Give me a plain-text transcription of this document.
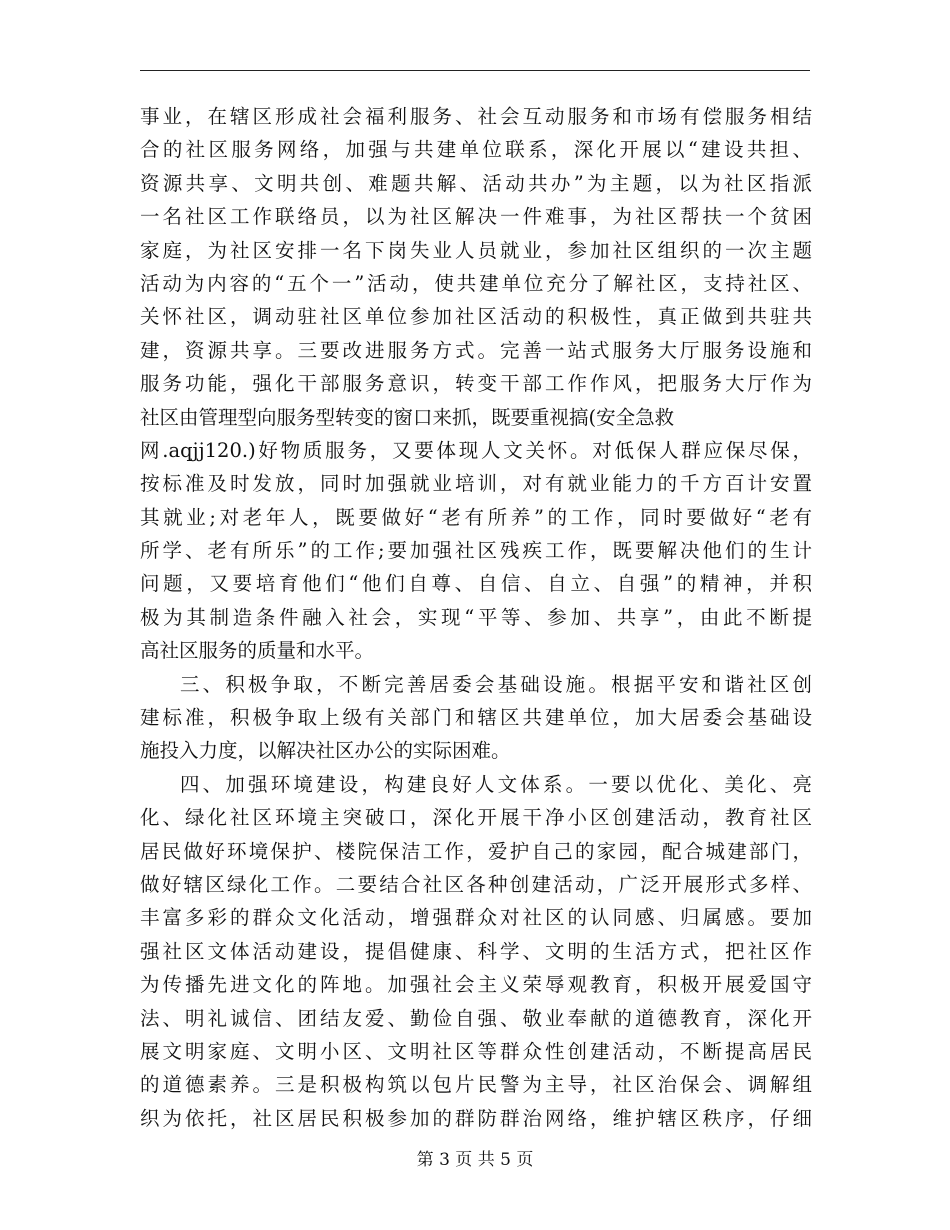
事业，在辖区形成社会福利服务、社会互动服务和市场有偿服务相结
合的社区服务网络，加强与共建单位联系，深化开展以“建设共担、
资源共享、文明共创、难题共解、活动共办”为主题，以为社区指派
一名社区工作联络员，以为社区解决一件难事，为社区帮扶一个贫困
家庭，为社区安排一名下岗失业人员就业，参加社区组织的一次主题
活动为内容的“五个一”活动，使共建单位充分了解社区，支持社区、
关怀社区，调动驻社区单位参加社区活动的积极性，真正做到共驻共
建，资源共享。三要改进服务方式。完善一站式服务大厅服务设施和
服务功能，强化干部服务意识，转变干部工作作风，把服务大厅作为
社区由管理型向服务型转变的窗口来抓，既要重视搞(安全急救
网.aqjj120.)好物质服务，又要体现人文关怀。对低保人群应保尽保，
按标准及时发放，同时加强就业培训，对有就业能力的千方百计安置
其就业;对老年人，既要做好“老有所养”的工作，同时要做好“老有
所学、老有所乐”的工作;要加强社区残疾工作，既要解决他们的生计
问题，又要培育他们“他们自尊、自信、自立、自强”的精神，并积
极为其制造条件融入社会，实现“平等、参加、共享”，由此不断提
高社区服务的质量和水平。
三、积极争取，不断完善居委会基础设施。根据平安和谐社区创
建标准，积极争取上级有关部门和辖区共建单位，加大居委会基础设
施投入力度，以解决社区办公的实际困难。
四、加强环境建设，构建良好人文体系。一要以优化、美化、亮
化、绿化社区环境主突破口，深化开展干净小区创建活动，教育社区
居民做好环境保护、楼院保洁工作，爱护自己的家园，配合城建部门，
做好辖区绿化工作。二要结合社区各种创建活动，广泛开展形式多样、
丰富多彩的群众文化活动，增强群众对社区的认同感、归属感。要加
强社区文体活动建设，提倡健康、科学、文明的生活方式，把社区作
为传播先进文化的阵地。加强社会主义荣辱观教育，积极开展爱国守
法、明礼诚信、团结友爱、勤俭自强、敬业奉献的道德教育，深化开
展文明家庭、文明小区、文明社区等群众性创建活动，不断提高居民
的道德素养。三是积极构筑以包片民警为主导，社区治保会、调解组
织为依托，社区居民积极参加的群防群治网络，维护辖区秩序，仔细
第 3 页 共 5 页
